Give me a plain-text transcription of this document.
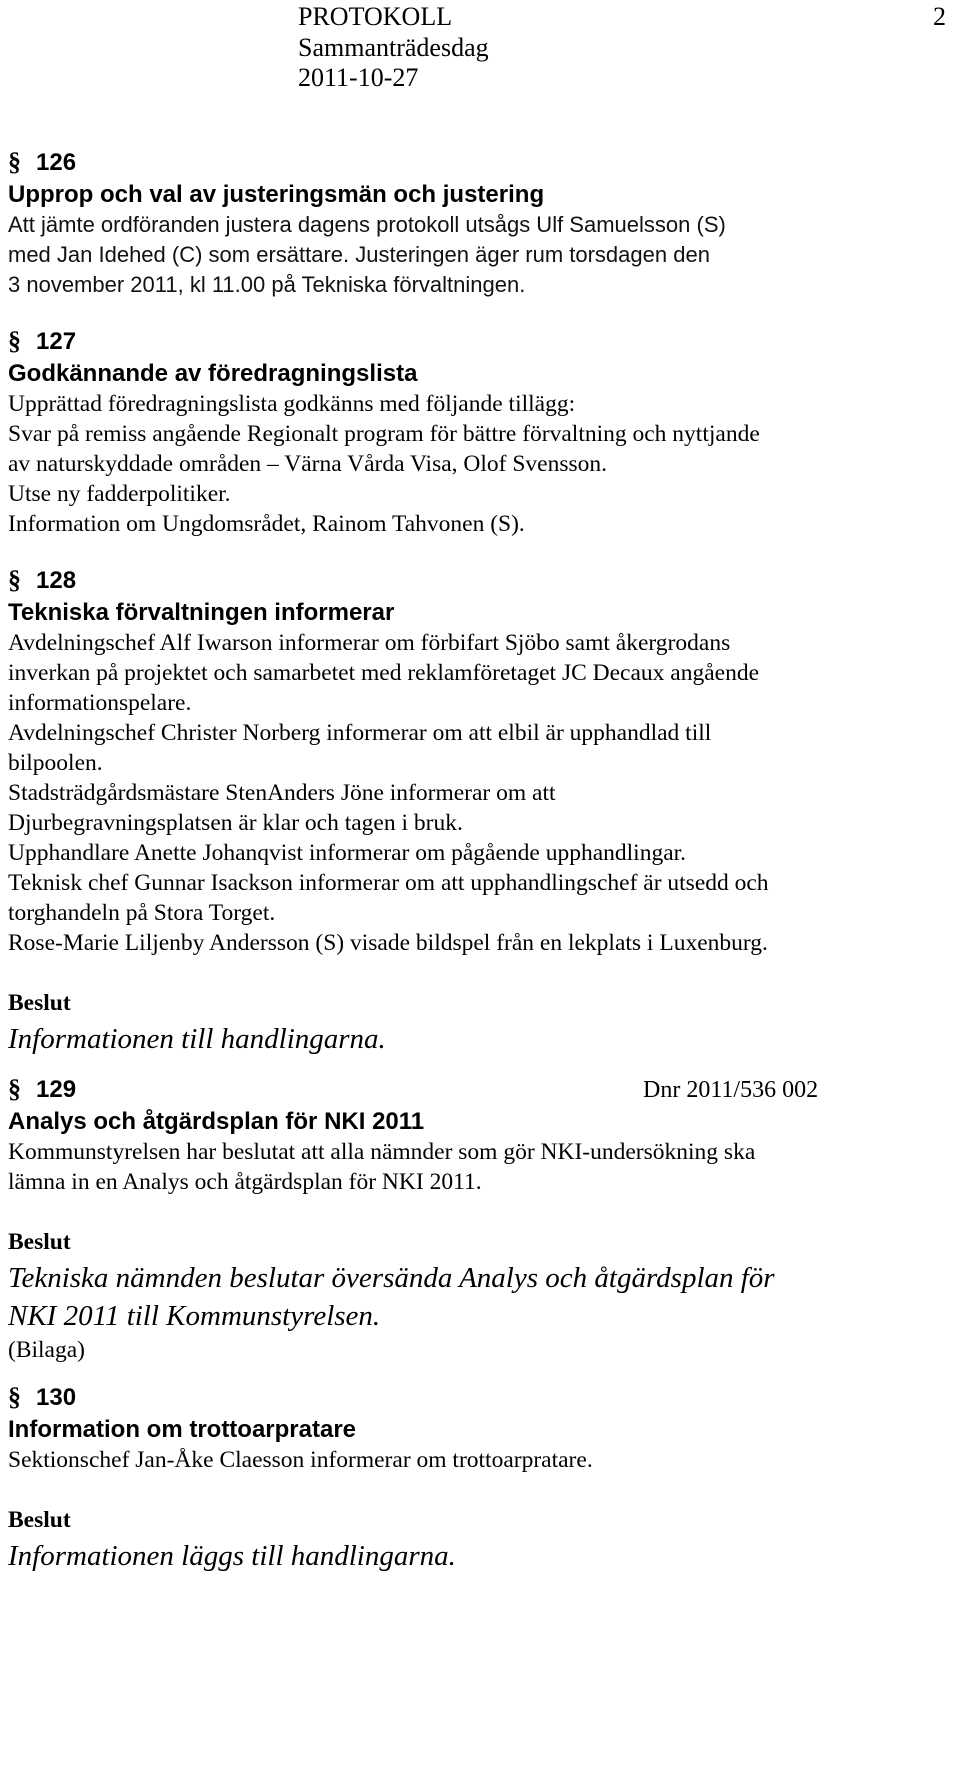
PROTOKOLL
Sammanträdesdag
2011-10-27
2
§ 126
Upprop och val av justeringsmän och justering
Att jämte ordföranden justera dagens protokoll utsågs Ulf Samuelsson (S)
med Jan Idehed (C) som ersättare. Justeringen äger rum torsdagen den
3 november 2011, kl 11.00 på Tekniska förvaltningen.
§ 127
Godkännande av föredragningslista
Upprättad föredragningslista godkänns med följande tillägg:
Svar på remiss angående Regionalt program för bättre förvaltning och nyttjande
av naturskyddade områden – Värna Vårda Visa, Olof Svensson.
Utse ny fadderpolitiker.
Information om Ungdomsrådet, Rainom Tahvonen (S).
§ 128
Tekniska förvaltningen informerar
Avdelningschef Alf Iwarson informerar om förbifart Sjöbo samt åkergrodans
inverkan på projektet och samarbetet med reklamföretaget JC Decaux angående
informationspelare.
Avdelningschef Christer Norberg informerar om att elbil är upphandlad till
bilpoolen.
Stadsträdgårdsmästare StenAnders Jöne informerar om att
Djurbegravningsplatsen är klar och tagen i bruk.
Upphandlare Anette Johanqvist informerar om pågående upphandlingar.
Teknisk chef Gunnar Isackson informerar om att upphandlingschef är utsedd och
torghandeln på Stora Torget.
Rose-Marie Liljenby Andersson (S) visade bildspel från en lekplats i Luxenburg.
Beslut
Informationen till handlingarna.
§ 129
Analys och åtgärdsplan för NKI 2011
Kommunstyrelsen har beslutat att alla nämnder som gör NKI-undersökning ska
lämna in en Analys och åtgärdsplan för NKI 2011.
Beslut
Tekniska nämnden beslutar översända Analys och åtgärdsplan för
NKI 2011 till Kommunstyrelsen.
(Bilaga)
Dnr 2011/536 002
§ 130
Information om trottoarpratare
Sektionschef Jan-Åke Claesson informerar om trottoarpratare.
Beslut
Informationen läggs till handlingarna.
